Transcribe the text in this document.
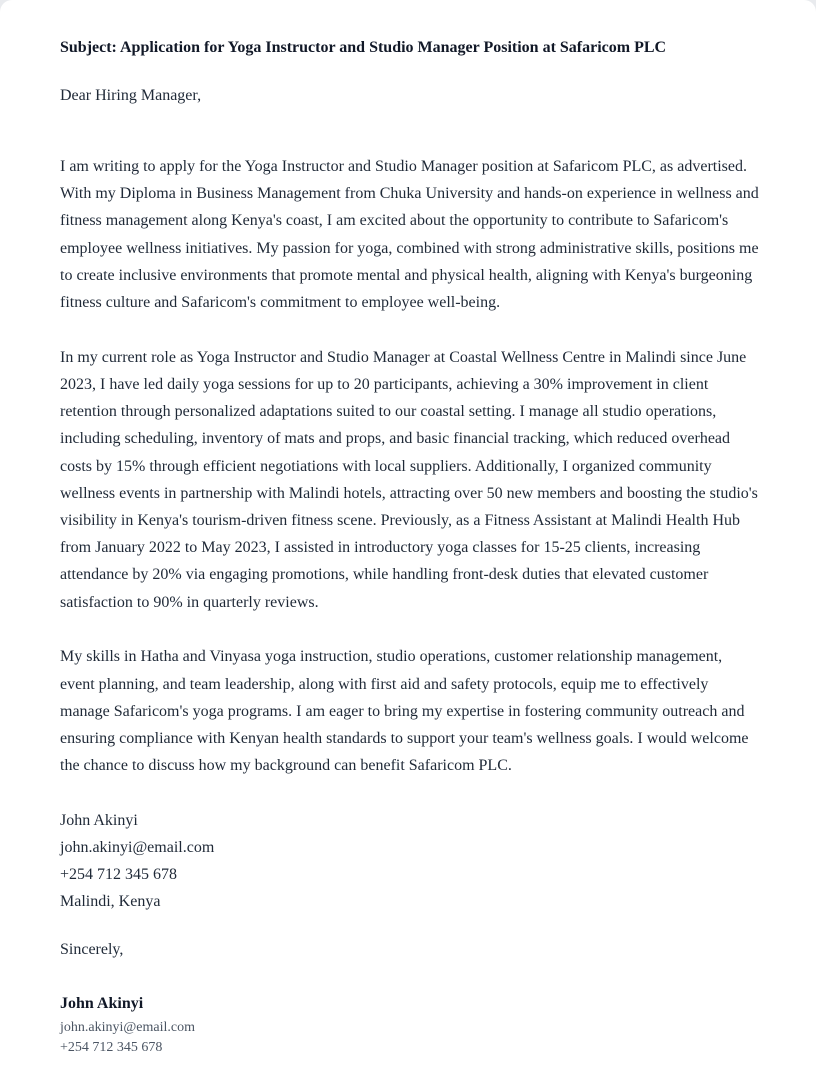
Subject: Application for Yoga Instructor and Studio Manager Position at Safaricom PLC

Dear Hiring Manager,

I am writing to apply for the Yoga Instructor and Studio Manager position at Safaricom PLC, as advertised. With my Diploma in Business Management from Chuka University and hands-on experience in wellness and fitness management along Kenya's coast, I am excited about the opportunity to contribute to Safaricom's employee wellness initiatives. My passion for yoga, combined with strong administrative skills, positions me to create inclusive environments that promote mental and physical health, aligning with Kenya's burgeoning fitness culture and Safaricom's commitment to employee well-being.

In my current role as Yoga Instructor and Studio Manager at Coastal Wellness Centre in Malindi since June 2023, I have led daily yoga sessions for up to 20 participants, achieving a 30% improvement in client retention through personalized adaptations suited to our coastal setting. I manage all studio operations, including scheduling, inventory of mats and props, and basic financial tracking, which reduced overhead costs by 15% through efficient negotiations with local suppliers. Additionally, I organized community wellness events in partnership with Malindi hotels, attracting over 50 new members and boosting the studio's visibility in Kenya's tourism-driven fitness scene. Previously, as a Fitness Assistant at Malindi Health Hub from January 2022 to May 2023, I assisted in introductory yoga classes for 15-25 clients, increasing attendance by 20% via engaging promotions, while handling front-desk duties that elevated customer satisfaction to 90% in quarterly reviews.

My skills in Hatha and Vinyasa yoga instruction, studio operations, customer relationship management, event planning, and team leadership, along with first aid and safety protocols, equip me to effectively manage Safaricom's yoga programs. I am eager to bring my expertise in fostering community outreach and ensuring compliance with Kenyan health standards to support your team's wellness goals. I would welcome the chance to discuss how my background can benefit Safaricom PLC.

John Akinyi

john.akinyi@email.com

+254 712 345 678

Malindi, Kenya

Sincerely,

John Akinyi

john.akinyi@email.com

+254 712 345 678
